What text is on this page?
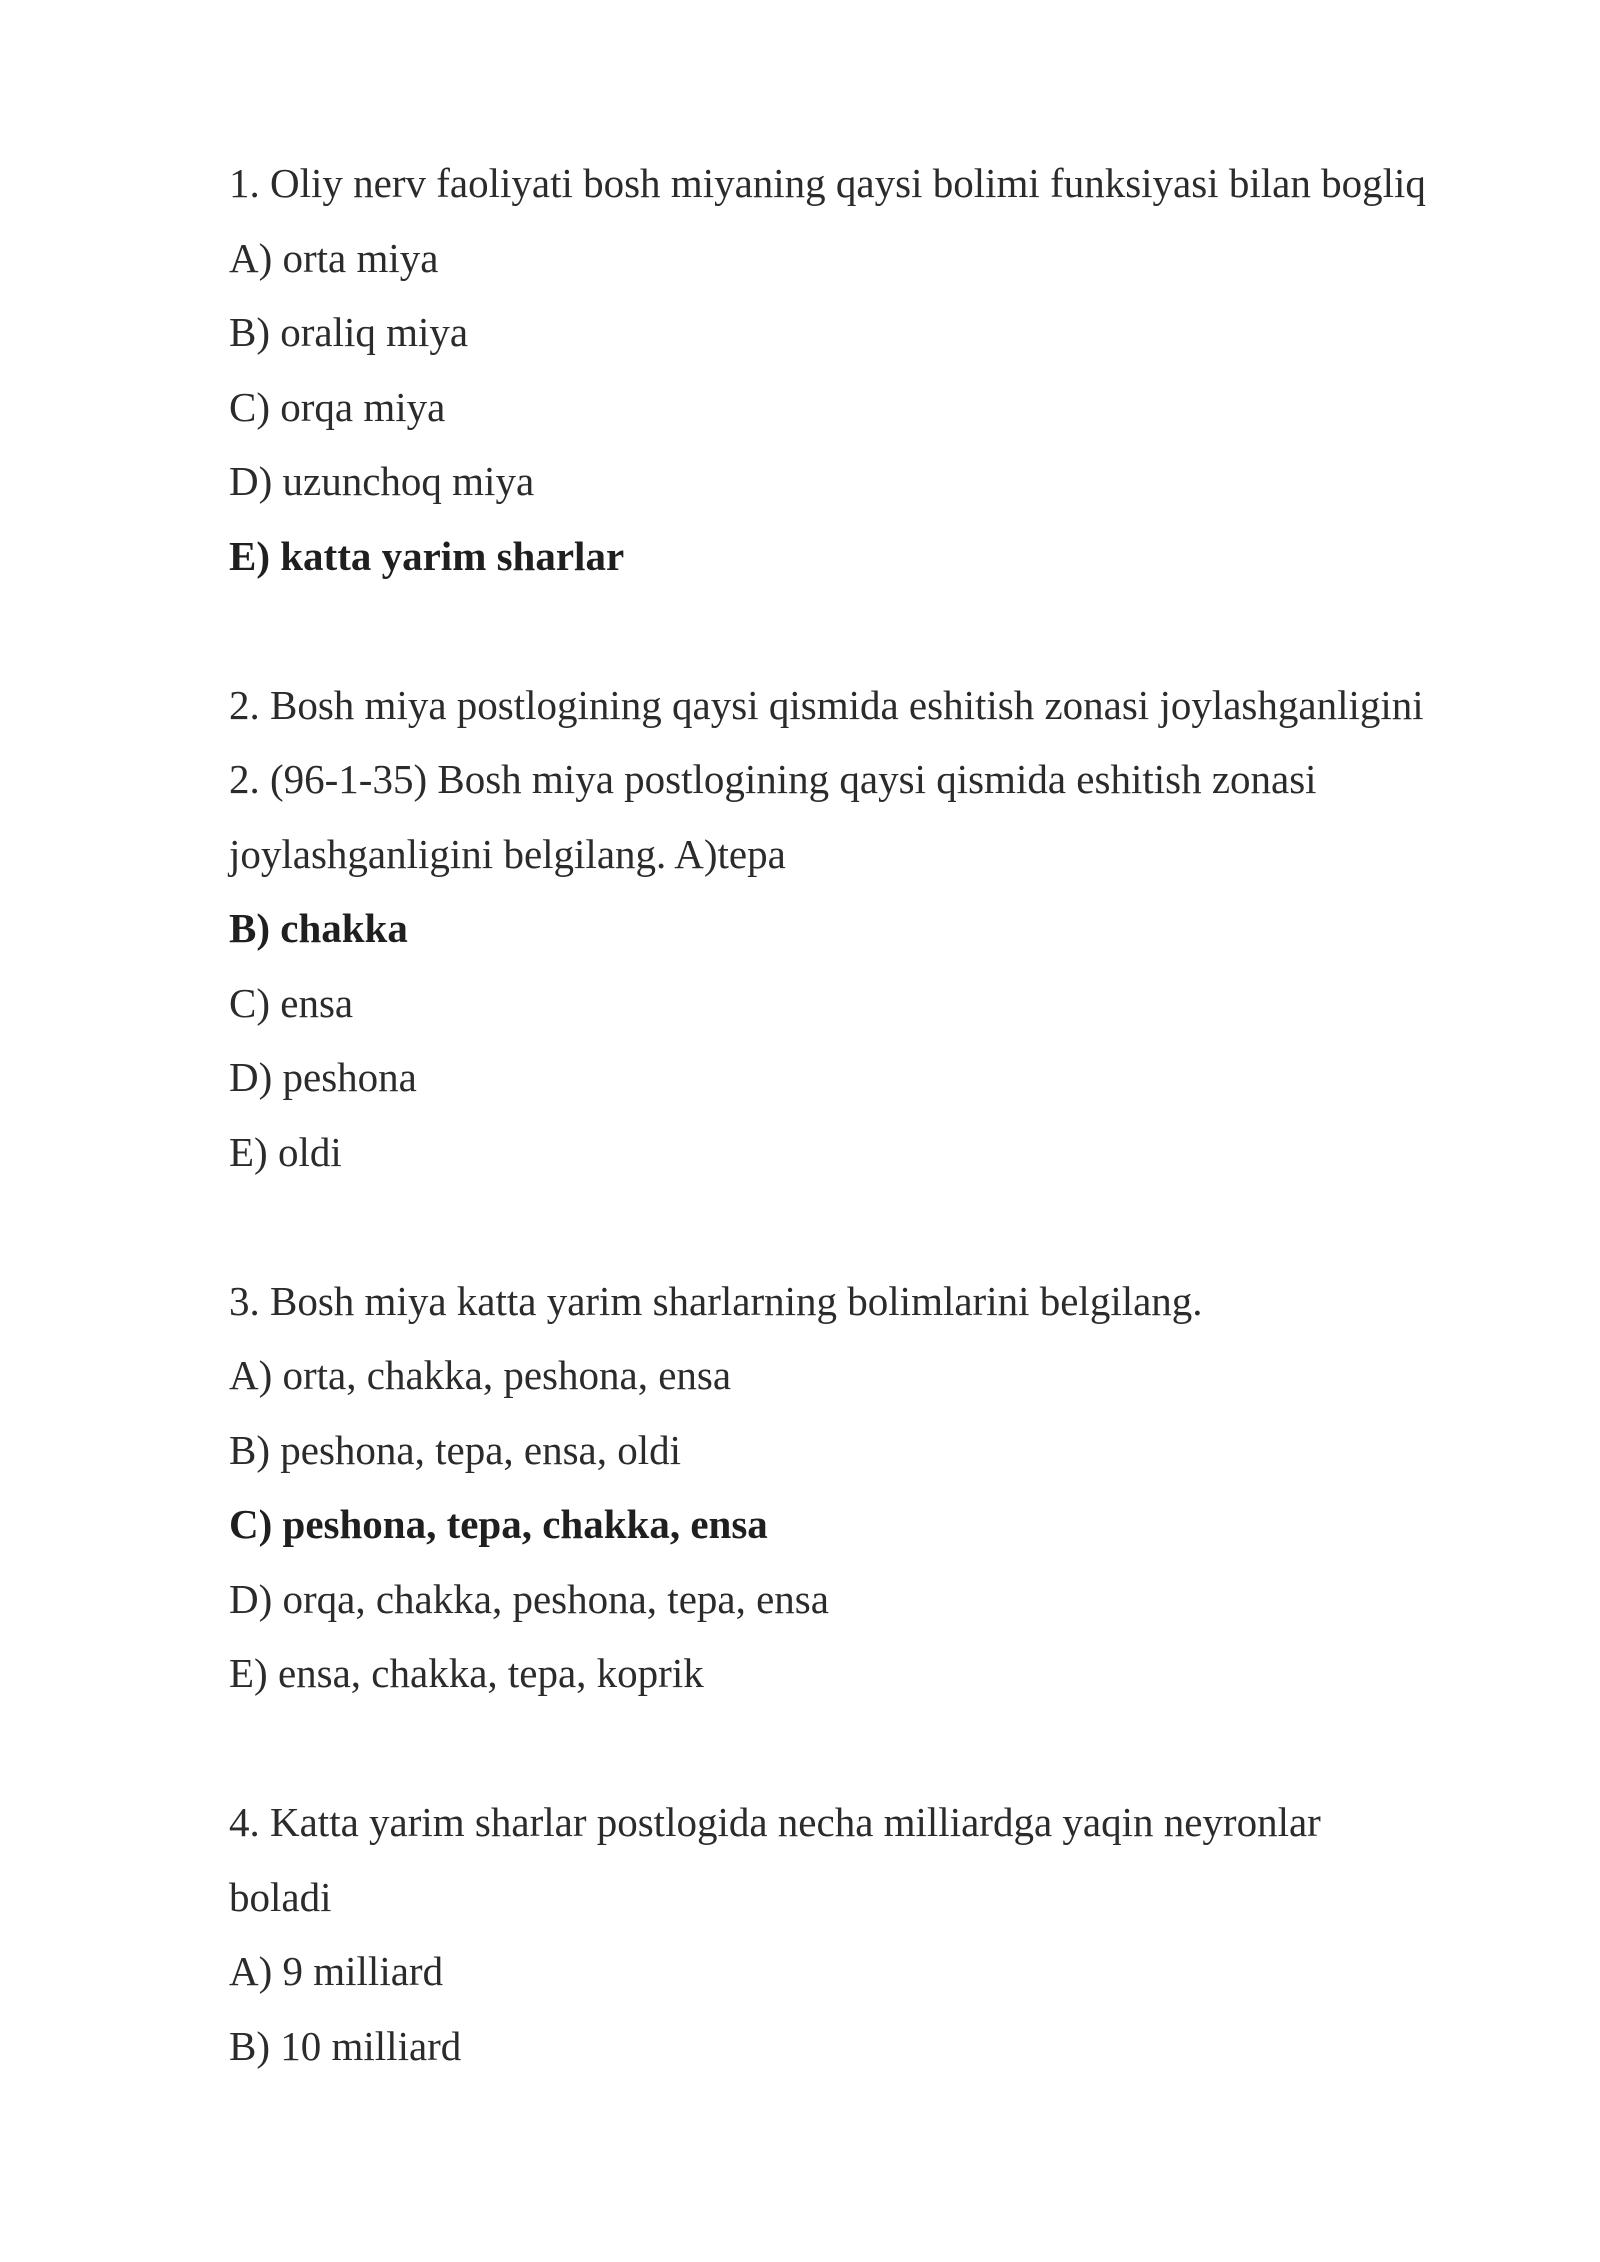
1. Oliy nerv faoliyati bosh miyaning qaysi bolimi funksiyasi bilan bogliq
A) orta miya
B) oraliq miya
C) orqa miya
D) uzunchoq miya
E) katta yarim sharlar
2. Bosh miya postlogining qaysi qismida eshitish zonasi joylashganligini
2. (96-1-35) Bosh miya postlogining qaysi qismida eshitish zonasi
joylashganligini belgilang. A)tepa
B) chakka
C) ensa
D) peshona
E) oldi
3. Bosh miya katta yarim sharlarning bolimlarini belgilang.
A) orta, chakka, peshona, ensa
B) peshona, tepa, ensa, oldi
C) peshona, tepa, chakka, ensa
D) orqa, chakka, peshona, tepa, ensa
E) ensa, chakka, tepa, koprik
4. Katta yarim sharlar postlogida necha milliardga yaqin neyronlar
boladi
A) 9 milliard
B) 10 milliard
